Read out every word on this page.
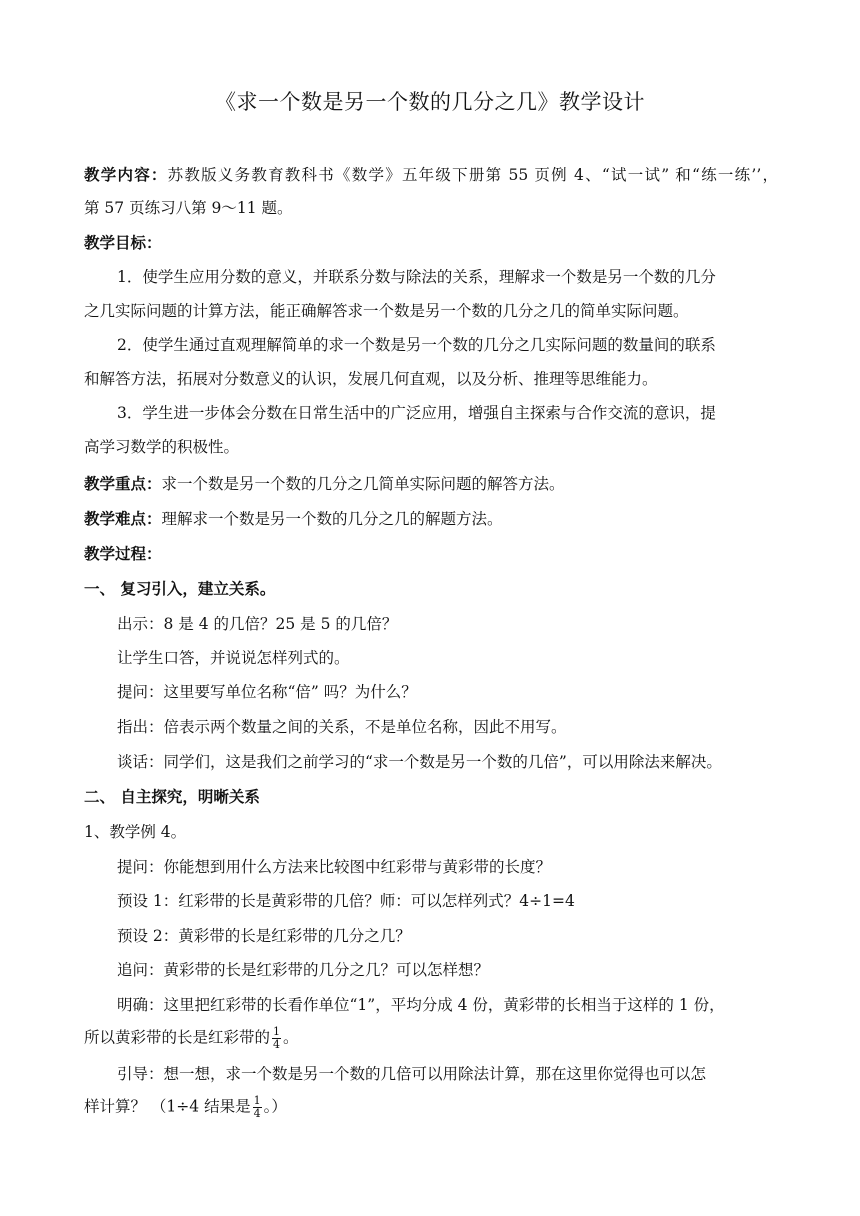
《求一个数是另一个数的几分之几》教学设计
教学内容：苏教版义务教育教科书《数学》五年级下册第 55 页例 4、“试一试” 和“练一练’’，
第 57 页练习八第 9～11 题。
教学目标：
1．使学生应用分数的意义，并联系分数与除法的关系，理解求一个数是另一个数的几分
之几实际问题的计算方法，能正确解答求一个数是另一个数的几分之几的简单实际问题。
2．使学生通过直观理解简单的求一个数是另一个数的几分之几实际问题的数量间的联系
和解答方法，拓展对分数意义的认识，发展几何直观，以及分析、推理等思维能力。
3．学生进一步体会分数在日常生活中的广泛应用，增强自主探索与合作交流的意识，提
高学习数学的积极性。
教学重点：求一个数是另一个数的几分之几简单实际问题的解答方法。
教学难点：理解求一个数是另一个数的几分之几的解题方法。
教学过程：
一、 复习引入，建立关系。
出示：8 是 4 的几倍？25 是 5 的几倍？
让学生口答，并说说怎样列式的。
提问：这里要写单位名称“倍” 吗？为什么？
指出：倍表示两个数量之间的关系，不是单位名称，因此不用写。
谈话：同学们，这是我们之前学习的“求一个数是另一个数的几倍”，可以用除法来解决。
二、 自主探究，明晰关系
1、教学例 4。
提问：你能想到用什么方法来比较图中红彩带与黄彩带的长度？
预设 1：红彩带的长是黄彩带的几倍？师：可以怎样列式？4÷1=4
预设 2：黄彩带的长是红彩带的几分之几？
追问：黄彩带的长是红彩带的几分之几？可以怎样想？
明确：这里把红彩带的长看作单位“1”，平均分成 4 份，黄彩带的长相当于这样的 1 份，
所以黄彩带的长是红彩带的 $\frac{1}{4}$ 。
引导：想一想，求一个数是另一个数的几倍可以用除法计算，那在这里你觉得也可以怎
样计算？ （1÷4 结果是 $\frac{1}{4}$ 。）
